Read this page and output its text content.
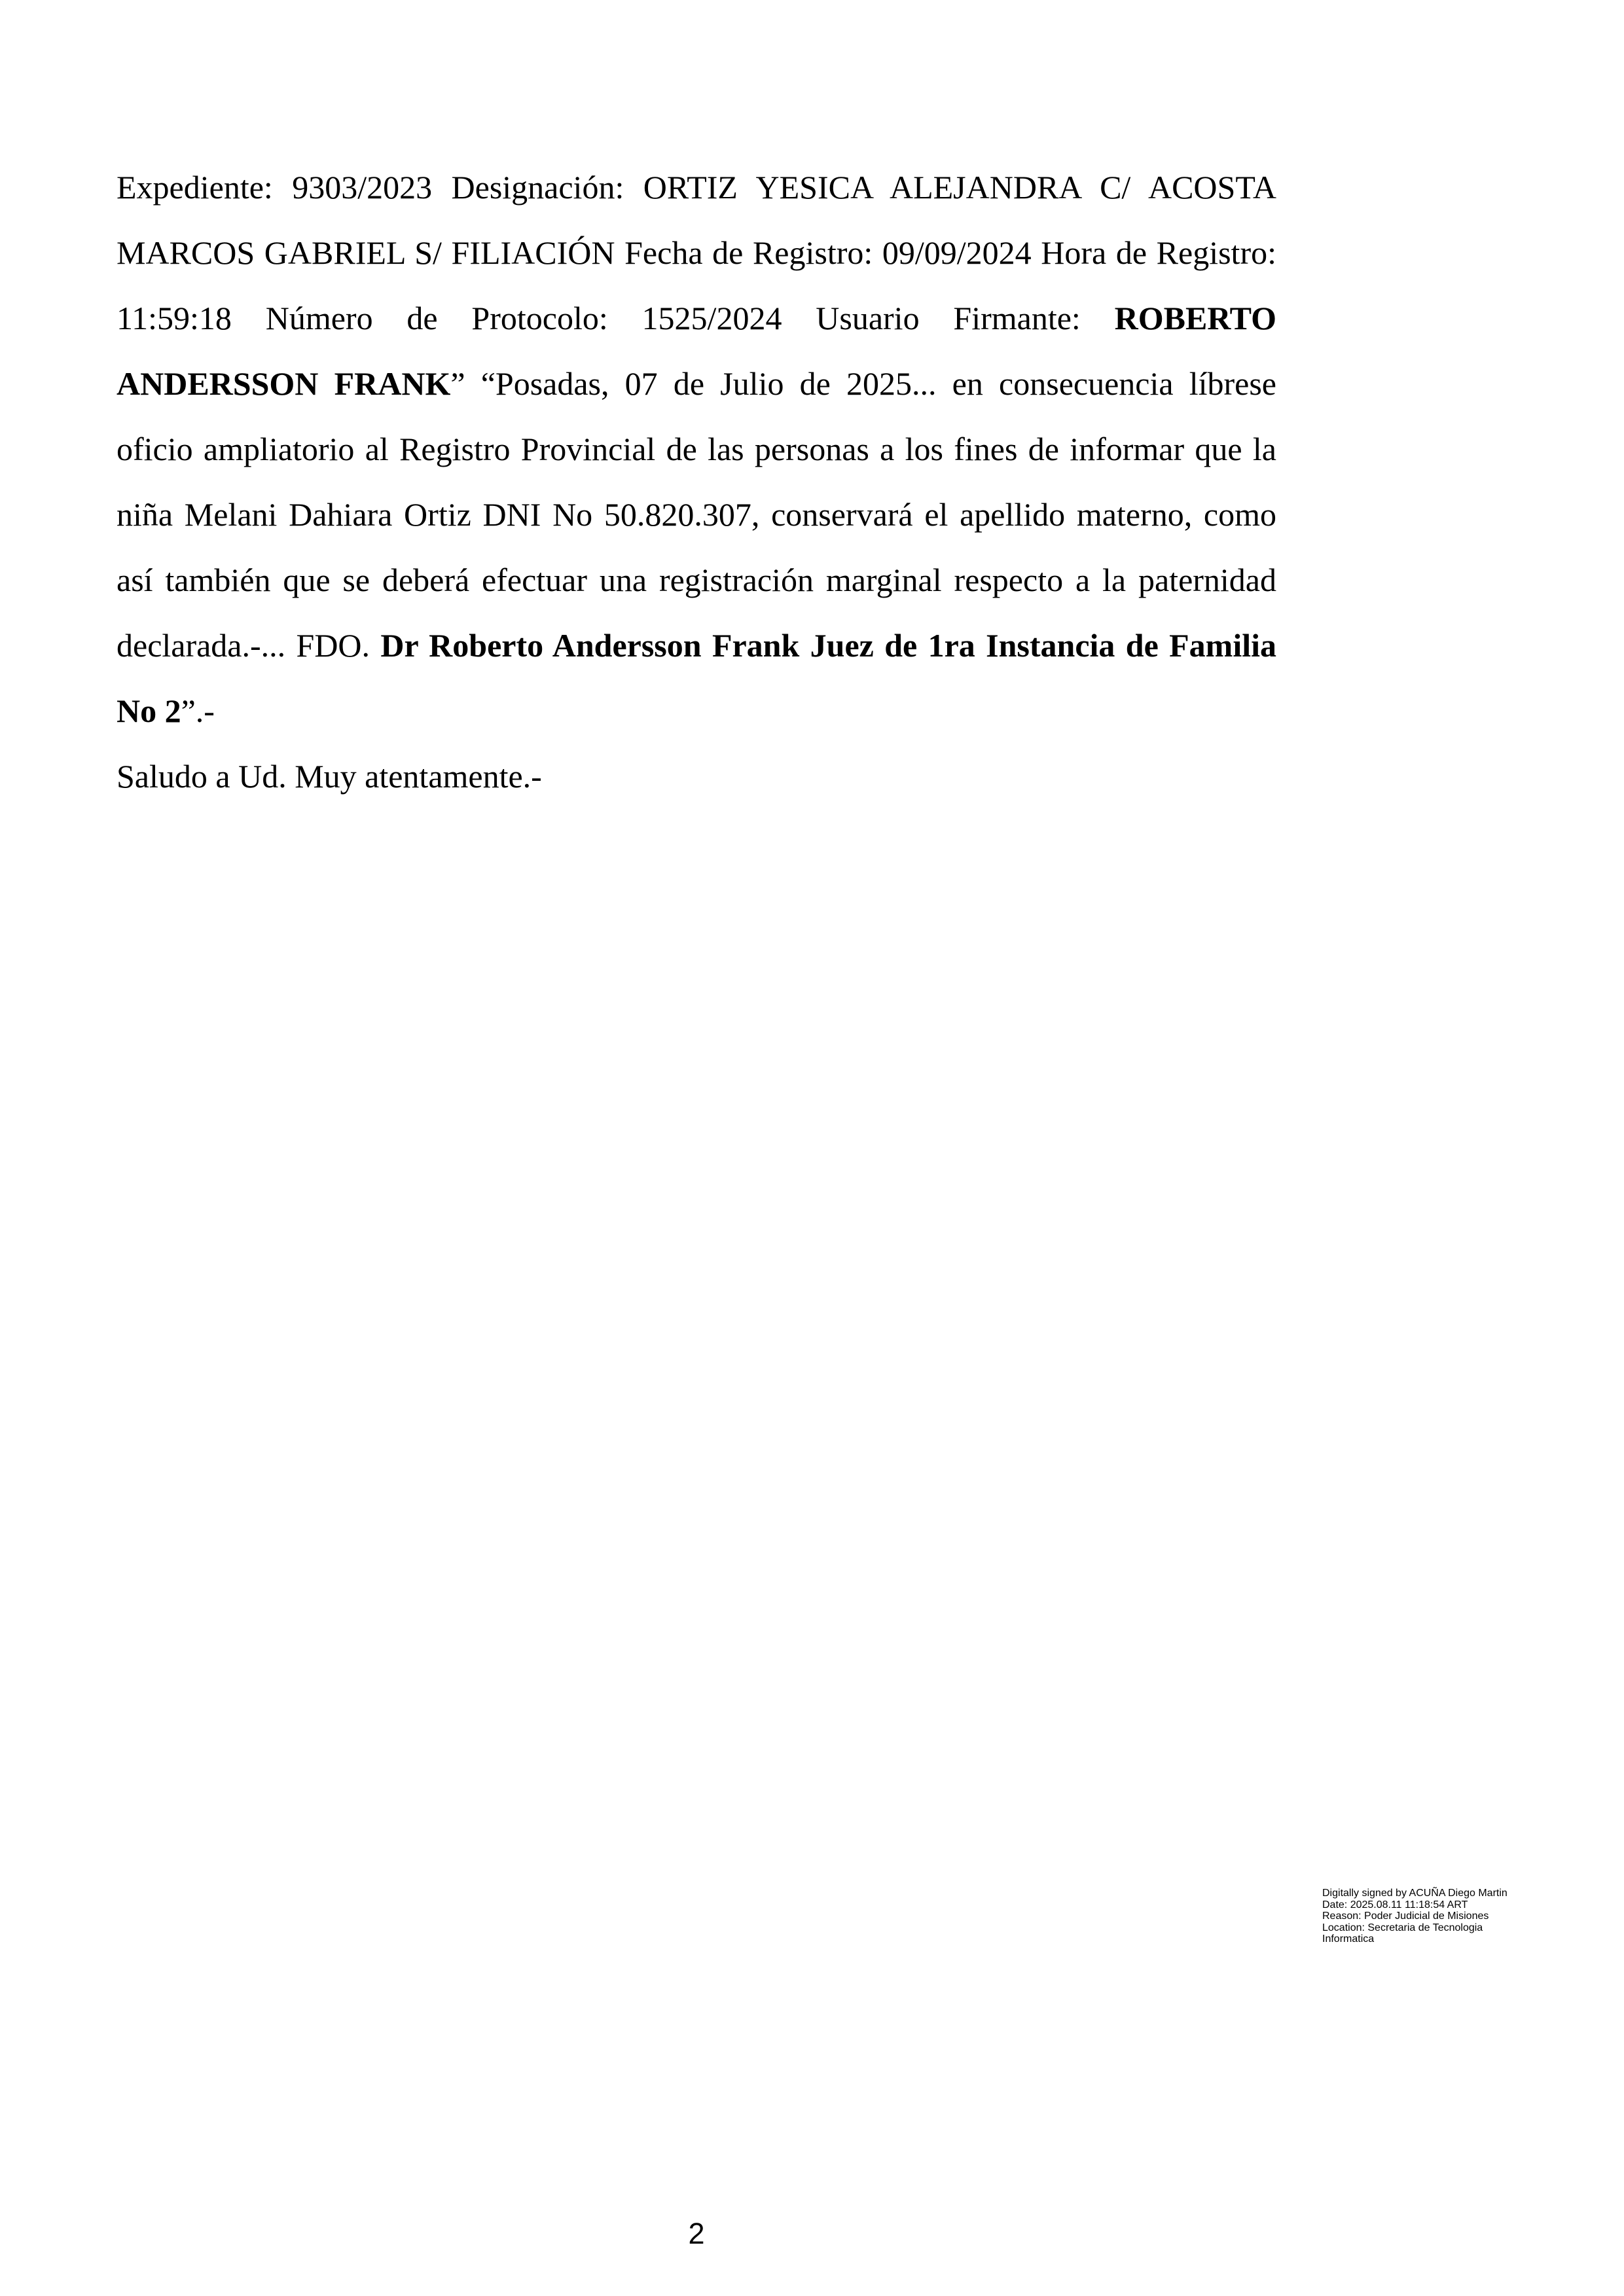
Expediente: 9303/2023 Designación: ORTIZ YESICA ALEJANDRA C/ ACOSTA MARCOS GABRIEL S/ FILIACIÓN Fecha de Registro: 09/09/2024 Hora de Registro: 11:59:18 Número de Protocolo: 1525/2024 Usuario Firmante: ROBERTO ANDERSSON FRANK” “Posadas, 07 de Julio de 2025... en consecuencia líbrese oficio ampliatorio al Registro Provincial de las personas a los fines de informar que la niña Melani Dahiara Ortiz DNI No 50.820.307, conservará el apellido materno, como así también que se deberá efectuar una registración marginal respecto a la paternidad declarada.-... FDO. Dr Roberto Andersson Frank Juez de 1ra Instancia de Familia No 2”.-

Saludo a Ud. Muy atentamente.-

Digitally signed by ACUÑA Diego Martin
Date: 2025.08.11 11:18:54 ART
Reason: Poder Judicial de Misiones
Location: Secretaria de Tecnologia
Informatica
2
